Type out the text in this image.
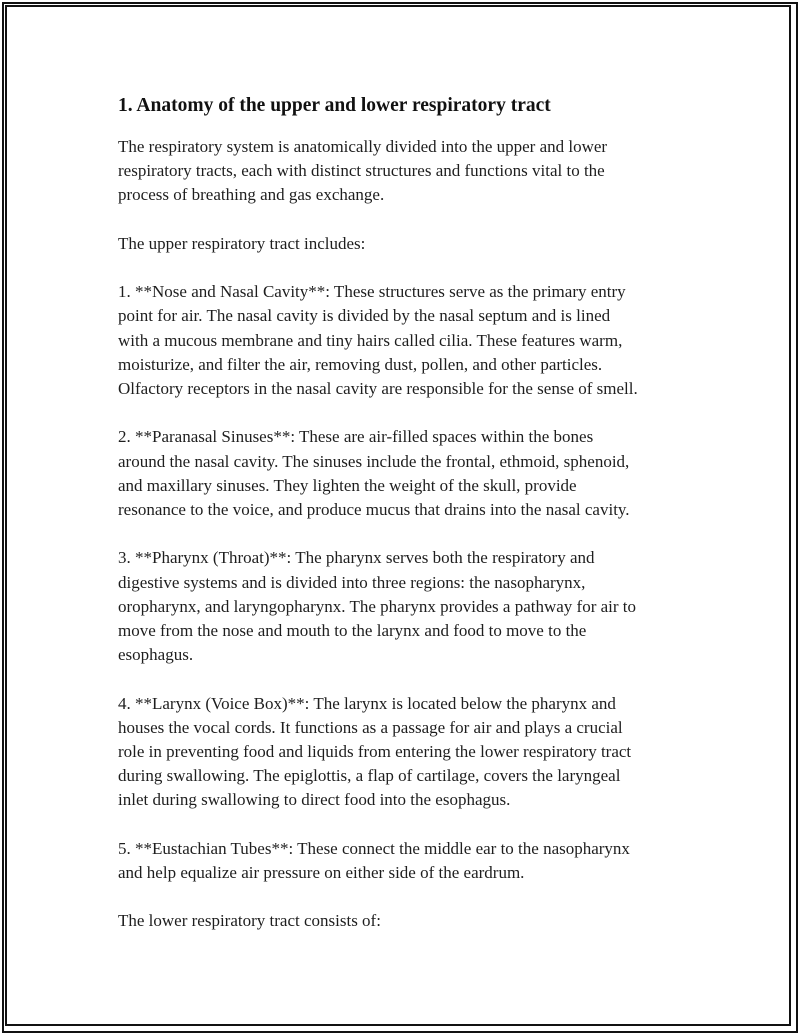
1. Anatomy of the upper and lower respiratory tract

The respiratory system is anatomically divided into the upper and lower
respiratory tracts, each with distinct structures and functions vital to the
process of breathing and gas exchange.

The upper respiratory tract includes:

1. **Nose and Nasal Cavity**: These structures serve as the primary entry
point for air. The nasal cavity is divided by the nasal septum and is lined
with a mucous membrane and tiny hairs called cilia. These features warm,
moisturize, and filter the air, removing dust, pollen, and other particles.
Olfactory receptors in the nasal cavity are responsible for the sense of smell.

2. **Paranasal Sinuses**: These are air-filled spaces within the bones
around the nasal cavity. The sinuses include the frontal, ethmoid, sphenoid,
and maxillary sinuses. They lighten the weight of the skull, provide
resonance to the voice, and produce mucus that drains into the nasal cavity.

3. **Pharynx (Throat)**: The pharynx serves both the respiratory and
digestive systems and is divided into three regions: the nasopharynx,
oropharynx, and laryngopharynx. The pharynx provides a pathway for air to
move from the nose and mouth to the larynx and food to move to the
esophagus.

4. **Larynx (Voice Box)**: The larynx is located below the pharynx and
houses the vocal cords. It functions as a passage for air and plays a crucial
role in preventing food and liquids from entering the lower respiratory tract
during swallowing. The epiglottis, a flap of cartilage, covers the laryngeal
inlet during swallowing to direct food into the esophagus.

5. **Eustachian Tubes**: These connect the middle ear to the nasopharynx
and help equalize air pressure on either side of the eardrum.

The lower respiratory tract consists of:
